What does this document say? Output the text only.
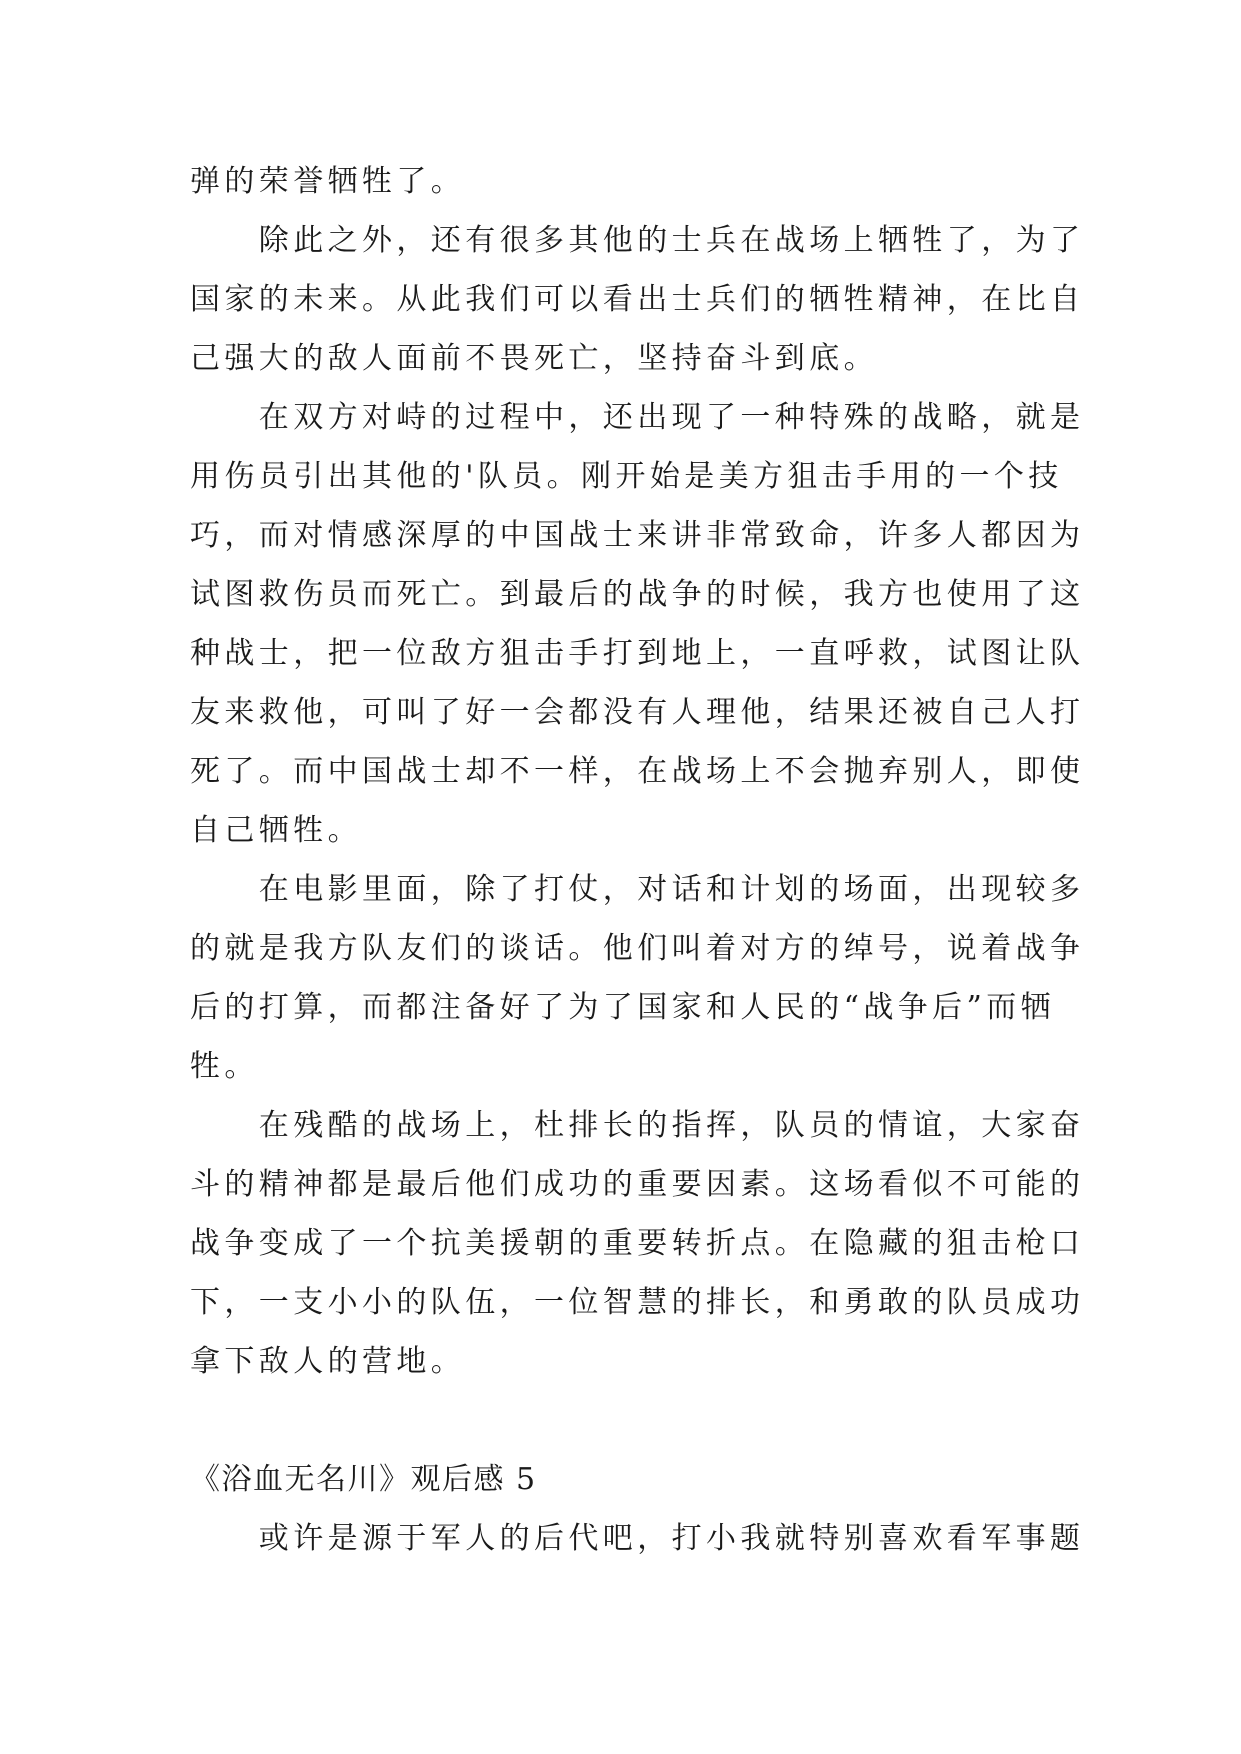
弹的荣誉牺牲了。
　　除此之外，还有很多其他的士兵在战场上牺牲了，为了
国家的未来。从此我们可以看出士兵们的牺牲精神，在比自
己强大的敌人面前不畏死亡，坚持奋斗到底。
　　在双方对峙的过程中，还出现了一种特殊的战略，就是
用伤员引出其他的'队员。刚开始是美方狙击手用的一个技
巧，而对情感深厚的中国战士来讲非常致命，许多人都因为
试图救伤员而死亡。到最后的战争的时候，我方也使用了这
种战士，把一位敌方狙击手打到地上，一直呼救，试图让队
友来救他，可叫了好一会都没有人理他，结果还被自己人打
死了。而中国战士却不一样，在战场上不会抛弃别人，即使
自己牺牲。
　　在电影里面，除了打仗，对话和计划的场面，出现较多
的就是我方队友们的谈话。他们叫着对方的绰号，说着战争
后的打算，而都注备好了为了国家和人民的“战争后”而牺
牲。
　　在残酷的战场上，杜排长的指挥，队员的情谊，大家奋
斗的精神都是最后他们成功的重要因素。这场看似不可能的
战争变成了一个抗美援朝的重要转折点。在隐藏的狙击枪口
下，一支小小的队伍，一位智慧的排长，和勇敢的队员成功
拿下敌人的营地。
《浴血无名川》观后感 5
　　或许是源于军人的后代吧，打小我就特别喜欢看军事题
